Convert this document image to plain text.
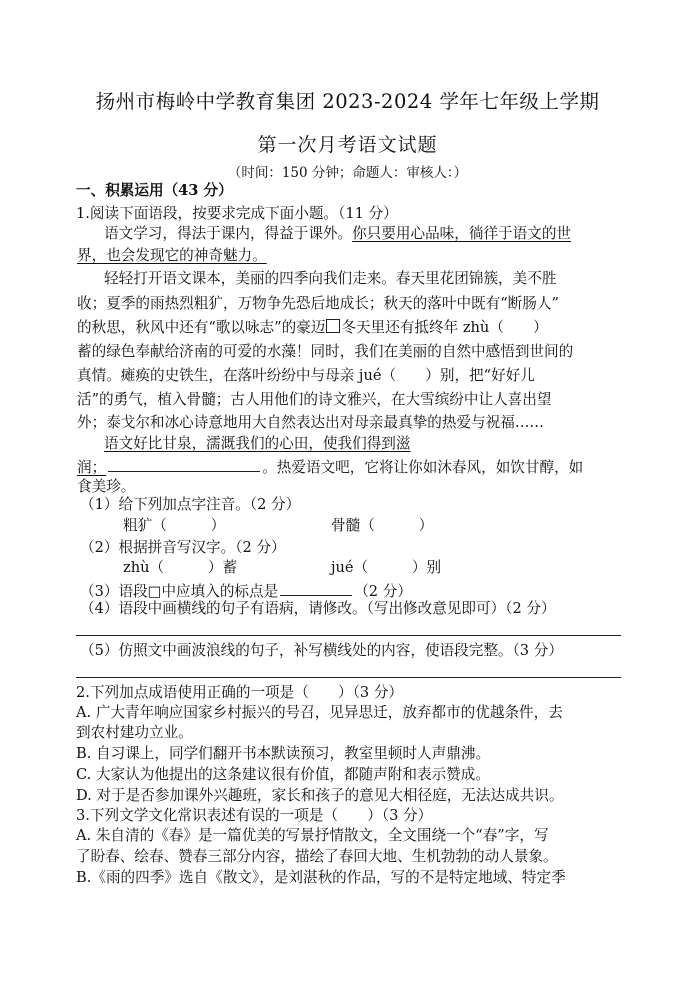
扬州市梅岭中学教育集团 2023-2024 学年七年级上学期
第一次月考语文试题
（时间：150 分钟；命题人：审核人：）
一、积累运用（43 分）
1.阅读下面语段，按要求完成下面小题。（11 分）
语文学习，得法于课内，得益于课外。你只要用心品味，徜徉于语文的世
界，也会发现它的神奇魅力。
轻轻打开语文课本，美丽的四季向我们走来。春天里花团锦簇，美不胜
收；夏季的雨热烈粗犷，万物争先恐后地成长；秋天的落叶中既有“断肠人”
的秋思，秋风中还有“歌以咏志”的豪迈 冬天里还有抵终年 zhù（　　）
蓄的绿色奉献给济南的可爱的水藻！同时，我们在美丽的自然中感悟到世间的
真情。瘫痪的史铁生，在落叶纷纷中与母亲 jué（　　）别，把“好好儿
活”的勇气，植入骨髓；古人用他们的诗文雅兴，在大雪缤纷中让人喜出望
外；泰戈尔和冰心诗意地用大自然表达出对母亲最真挚的热爱与祝福……
语文好比甘泉，濡溉我们的心田，使我们得到滋
润；	。热爱语文吧，它将让你如沐春风，如饮甘醇，如
食美珍。
（1）给下列加点字注音。（2 分）
粗犷（　　　）	骨髓（　　　）
（2）根据拼音写汉字。（2 分）
zhù（　　　）蓄	jué（　　　）别
（3）语段□中应填入的标点是	（2 分）
（4）语段中画横线的句子有语病，请修改。（写出修改意见即可）（2 分）
（5）仿照文中画波浪线的句子，补写横线处的内容，使语段完整。（3 分）
2.下列加点成语使用正确的一项是（　　）（3 分）
A. 广大青年响应国家乡村振兴的号召，见异思迁，放弃都市的优越条件，去
到农村建功立业。
B. 自习课上，同学们翻开书本默读预习，教室里顿时人声鼎沸。
C. 大家认为他提出的这条建议很有价值，都随声附和表示赞成。
D. 对于是否参加课外兴趣班，家长和孩子的意见大相径庭，无法达成共识。
3.下列文学文化常识表述有误的一项是（　　）（3 分）
A. 朱自清的《春》是一篇优美的写景抒情散文，全文围绕一个“春”字，写
了盼春、绘春、赞春三部分内容，描绘了春回大地、生机勃勃的动人景象。
B.《雨的四季》选自《散文》，是刘湛秋的作品，写的不是特定地域、特定季
